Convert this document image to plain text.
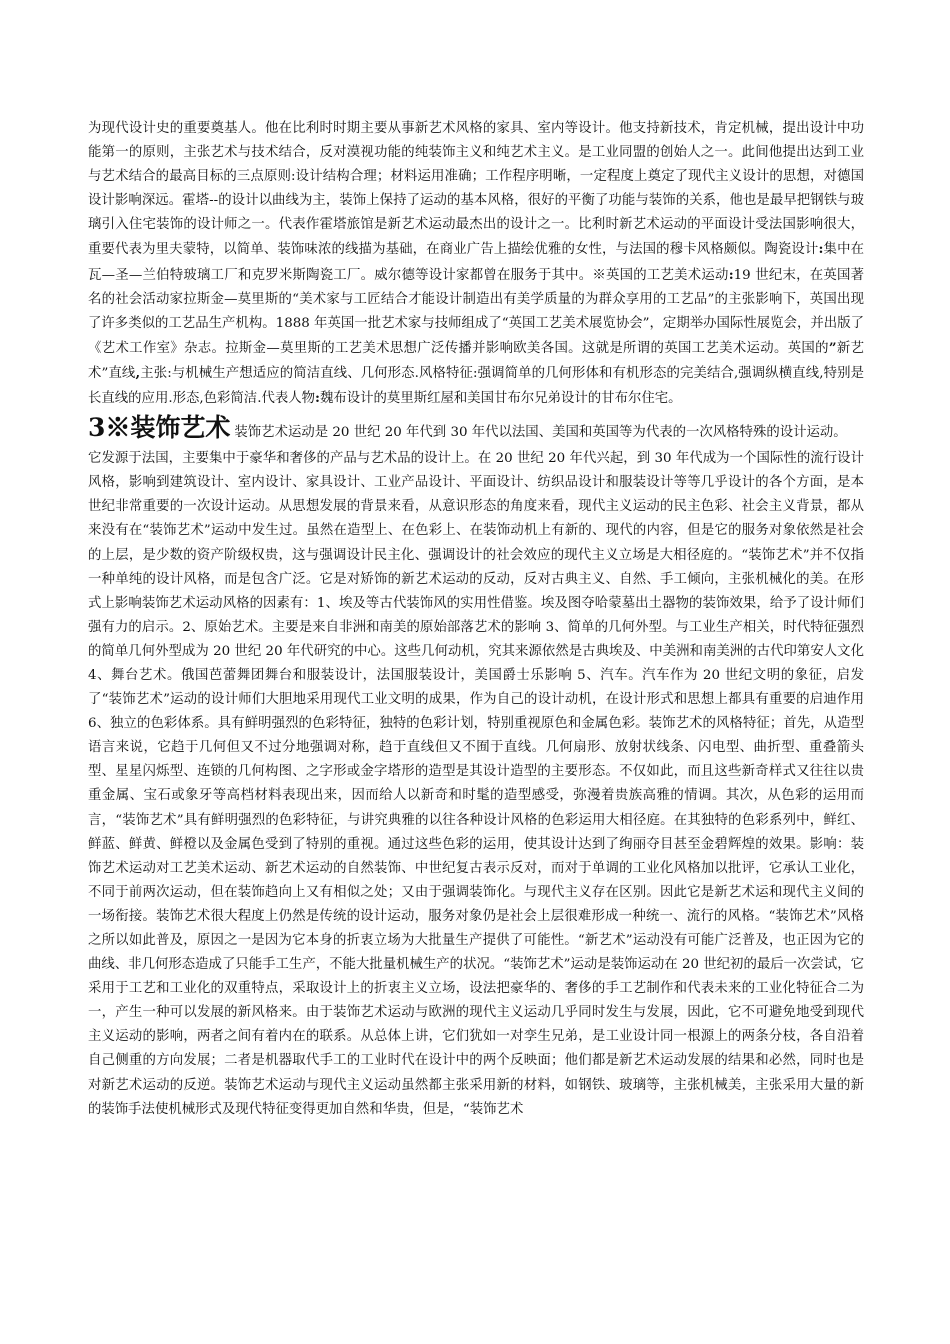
为现代设计史的重要奠基人。他在比利时时期主要从事新艺术风格的家具、室内等设计。他支持新技术，肯定机械，提出设计中功能第一的原则，主张艺术与技术结合，反对漠视功能的纯装饰主义和纯艺术主义。是工业同盟的创始人之一。此间他提出达到工业与艺术结合的最高目标的三点原则:设计结构合理；材料运用准确；工作程序明晰，一定程度上奠定了现代主义设计的思想，对德国设计影响深远。霍塔--的设计以曲线为主，装饰上保持了运动的基本风格，很好的平衡了功能与装饰的关系，他也是最早把钢铁与玻璃引入住宅装饰的设计师之一。代表作霍塔旅馆是新艺术运动最杰出的设计之一。比利时新艺术运动的平面设计受法国影响很大，重要代表为里夫蒙特，以简单、装饰味浓的线描为基础，在商业广告上描绘优雅的女性，与法国的穆卡风格颇似。陶瓷设计:集中在瓦—圣—兰伯特玻璃工厂和克罗米斯陶瓷工厂。威尔德等设计家都曾在服务于其中。※英国的工艺美术运动:19 世纪末，在英国著名的社会活动家拉斯金—莫里斯的“美术家与工匠结合才能设计制造出有美学质量的为群众享用的工艺品”的主张影响下，英国出现了许多类似的工艺品生产机构。1888 年英国一批艺术家与技师组成了“英国工艺美术展览协会”，定期举办国际性展览会，并出版了《艺术工作室》杂志。拉斯金—莫里斯的工艺美术思想广泛传播并影响欧美各国。这就是所谓的英国工艺美术运动。英国的”新艺术”直线,主张:与机械生产想适应的简洁直线、几何形态.风格特征:强调简单的几何形体和有机形态的完美结合,强调纵横直线,特别是长直线的应用.形态,色彩简洁.代表人物:魏布设计的莫里斯红屋和美国甘布尔兄弟设计的甘布尔住宅。

3※装饰艺术 装饰艺术运动是 20 世纪 20 年代到 30 年代以法国、美国和英国等为代表的一次风格特殊的设计运动。

它发源于法国，主要集中于豪华和奢侈的产品与艺术品的设计上。在 20 世纪 20 年代兴起，到 30 年代成为一个国际性的流行设计风格，影响到建筑设计、室内设计、家具设计、工业产品设计、平面设计、纺织品设计和服装设计等等几乎设计的各个方面，是本世纪非常重要的一次设计运动。从思想发展的背景来看，从意识形态的角度来看，现代主义运动的民主色彩、社会主义背景，都从来没有在“装饰艺术”运动中发生过。虽然在造型上、在色彩上、在装饰动机上有新的、现代的内容，但是它的服务对象依然是社会的上层，是少数的资产阶级权贵，这与强调设计民主化、强调设计的社会效应的现代主义立场是大相径庭的。“装饰艺术”并不仅指一种单纯的设计风格，而是包含广泛。它是对矫饰的新艺术运动的反动，反对古典主义、自然、手工倾向，主张机械化的美。在形式上影响装饰艺术运动风格的因素有：1、埃及等古代装饰风的实用性借鉴。埃及图夺哈蒙墓出土器物的装饰效果，给予了设计师们强有力的启示。2、原始艺术。主要是来自非洲和南美的原始部落艺术的影响 3、简单的几何外型。与工业生产相关，时代特征强烈的简单几何外型成为 20 世纪 20 年代研究的中心。这些几何动机，究其来源依然是古典埃及、中美洲和南美洲的古代印第安人文化 4、舞台艺术。俄国芭蕾舞团舞台和服装设计，法国服装设计，美国爵士乐影响 5、汽车。汽车作为 20 世纪文明的象征，启发了“装饰艺术”运动的设计师们大胆地采用现代工业文明的成果，作为自己的设计动机，在设计形式和思想上都具有重要的启迪作用 6、独立的色彩体系。具有鲜明强烈的色彩特征，独特的色彩计划，特别重视原色和金属色彩。装饰艺术的风格特征；首先，从造型语言来说，它趋于几何但又不过分地强调对称，趋于直线但又不囿于直线。几何扇形、放射状线条、闪电型、曲折型、重叠箭头型、星星闪烁型、连锁的几何构图、之字形或金字塔形的造型是其设计造型的主要形态。不仅如此，而且这些新奇样式又往往以贵重金属、宝石或象牙等高档材料表现出来，因而给人以新奇和时髦的造型感受，弥漫着贵族高雅的情调。其次，从色彩的运用而言，“装饰艺术”具有鲜明强烈的色彩特征，与讲究典雅的以往各种设计风格的色彩运用大相径庭。在其独特的色彩系列中，鲜红、鲜蓝、鲜黄、鲜橙以及金属色受到了特别的重视。通过这些色彩的运用，使其设计达到了绚丽夺目甚至金碧辉煌的效果。影响：装饰艺术运动对工艺美术运动、新艺术运动的自然装饰、中世纪复古表示反对，而对于单调的工业化风格加以批评，它承认工业化，不同于前两次运动，但在装饰趋向上又有相似之处；又由于强调装饰化。与现代主义存在区别。因此它是新艺术运和现代主义间的一场衔接。装饰艺术很大程度上仍然是传统的设计运动，服务对象仍是社会上层很难形成一种统一、流行的风格。“装饰艺术”风格之所以如此普及，原因之一是因为它本身的折衷立场为大批量生产提供了可能性。“新艺术”运动没有可能广泛普及，也正因为它的曲线、非几何形态造成了只能手工生产，不能大批量机械生产的状况。“装饰艺术”运动是装饰运动在 20 世纪初的最后一次尝试，它采用于工艺和工业化的双重特点，采取设计上的折衷主义立场，设法把豪华的、奢侈的手工艺制作和代表未来的工业化特征合二为一，产生一种可以发展的新风格来。由于装饰艺术运动与欧洲的现代主义运动几乎同时发生与发展，因此，它不可避免地受到现代主义运动的影响，两者之间有着内在的联系。从总体上讲，它们犹如一对孪生兄弟，是工业设计同一根源上的两条分枝，各自沿着自己侧重的方向发展；二者是机器取代手工的工业时代在设计中的两个反映面；他们都是新艺术运动发展的结果和必然，同时也是对新艺术运动的反逆。装饰艺术运动与现代主义运动虽然都主张采用新的材料，如钢铁、玻璃等，主张机械美，主张采用大量的新的装饰手法使机械形式及现代特征变得更加自然和华贵，但是，“装饰艺术
